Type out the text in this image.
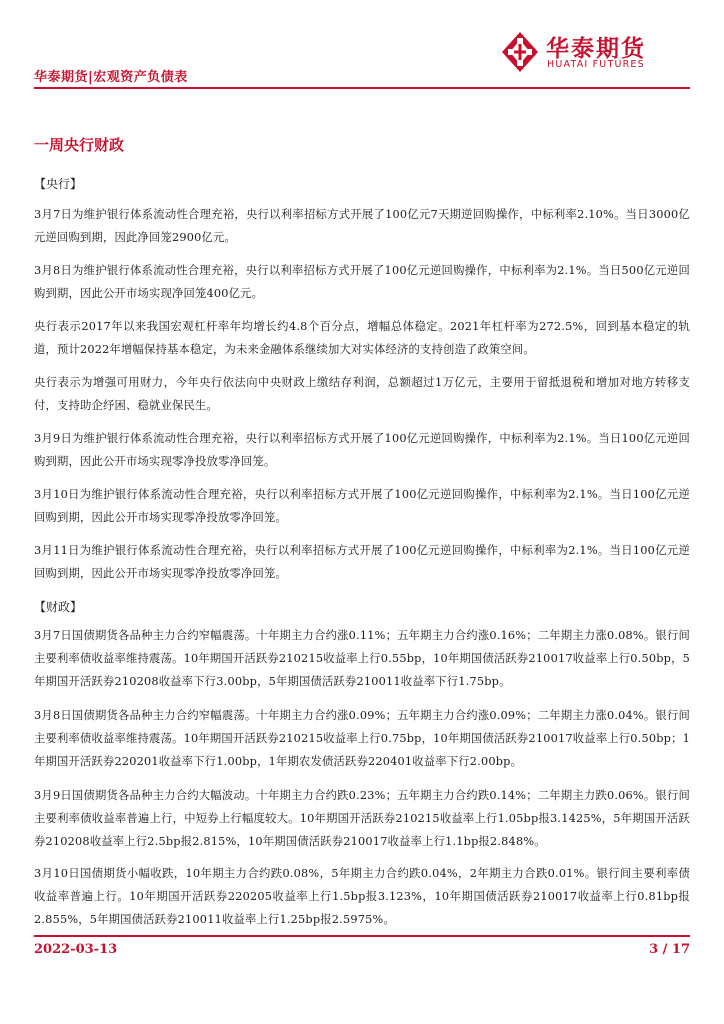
华泰期货|宏观资产负债表
华泰期货
HUATAI FUTURES
一周央行财政
【央行】
3月7日为维护银行体系流动性合理充裕，央行以利率招标方式开展了100亿元7天期逆回购操作，中标利率2.10%。当日3000亿元逆回购到期，因此净回笼2900亿元。
3月8日为维护银行体系流动性合理充裕，央行以利率招标方式开展了100亿元逆回购操作，中标利率为2.1%。当日500亿元逆回购到期，因此公开市场实现净回笼400亿元。
央行表示2017年以来我国宏观杠杆率年均增长约4.8个百分点，增幅总体稳定。2021年杠杆率为272.5%，回到基本稳定的轨道，预计2022年增幅保持基本稳定，为未来金融体系继续加大对实体经济的支持创造了政策空间。
央行表示为增强可用财力，今年央行依法向中央财政上缴结存利润，总额超过1万亿元，主要用于留抵退税和增加对地方转移支付，支持助企纾困、稳就业保民生。
3月9日为维护银行体系流动性合理充裕，央行以利率招标方式开展了100亿元逆回购操作，中标利率为2.1%。当日100亿元逆回购到期，因此公开市场实现零净投放零净回笼。
3月10日为维护银行体系流动性合理充裕，央行以利率招标方式开展了100亿元逆回购操作，中标利率为2.1%。当日100亿元逆回购到期，因此公开市场实现零净投放零净回笼。
3月11日为维护银行体系流动性合理充裕，央行以利率招标方式开展了100亿元逆回购操作，中标利率为2.1%。当日100亿元逆回购到期，因此公开市场实现零净投放零净回笼。
【财政】
3月7日国债期货各品种主力合约窄幅震荡。十年期主力合约涨0.11%；五年期主力合约涨0.16%；二年期主力涨0.08%。银行间主要利率债收益率维持震荡。10年期国开活跃券210215收益率上行0.55bp，10年期国债活跃券210017收益率上行0.50bp，5年期国开活跃券210208收益率下行3.00bp，5年期国债活跃券210011收益率下行1.75bp。
3月8日国债期货各品种主力合约窄幅震荡。十年期主力合约涨0.09%；五年期主力合约涨0.09%；二年期主力涨0.04%。银行间主要利率债收益率维持震荡。10年期国开活跃券210215收益率上行0.75bp，10年期国债活跃券210017收益率上行0.50bp；1年期国开活跃券220201收益率下行1.00bp，1年期农发债活跃券220401收益率下行2.00bp。
3月9日国债期货各品种主力合约大幅波动。十年期主力合约跌0.23%；五年期主力合约跌0.14%；二年期主力跌0.06%。银行间主要利率债收益率普遍上行，中短券上行幅度较大。10年期国开活跃券210215收益率上行1.05bp报3.1425%，5年期国开活跃券210208收益率上行2.5bp报2.815%，10年期国债活跃券210017收益率上行1.1bp报2.848%。
3月10日国债期货小幅收跌，10年期主力合约跌0.08%，5年期主力合约跌0.04%，2年期主力合跌0.01%。银行间主要利率债收益率普遍上行。10年期国开活跃券220205收益率上行1.5bp报3.123%，10年期国债活跃券210017收益率上行0.81bp报2.855%，5年期国债活跃券210011收益率上行1.25bp报2.5975%。
2022-03-13	3 / 17
